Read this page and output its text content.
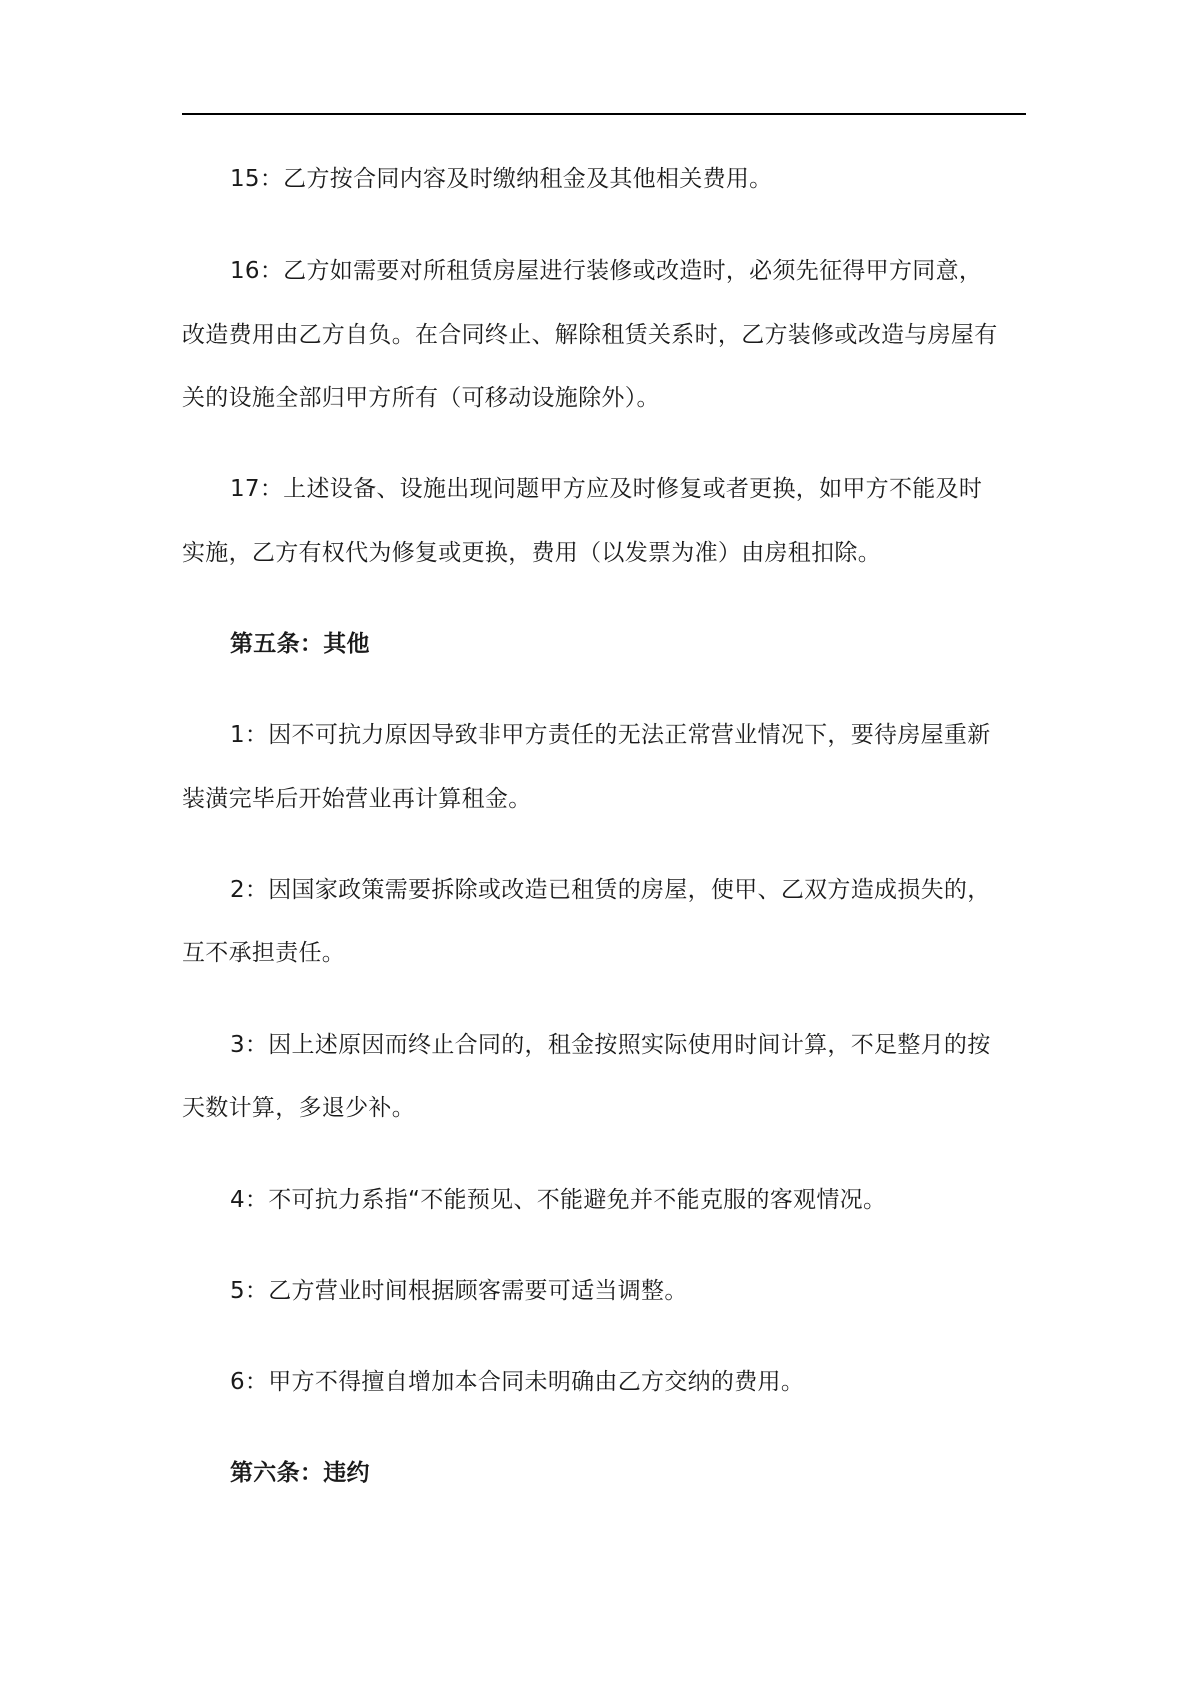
15：乙方按合同内容及时缴纳租金及其他相关费用。

16：乙方如需要对所租赁房屋进行装修或改造时，必须先征得甲方同意，

改造费用由乙方自负。在合同终止、解除租赁关系时，乙方装修或改造与房屋有

关的设施全部归甲方所有（可移动设施除外）。

17：上述设备、设施出现问题甲方应及时修复或者更换，如甲方不能及时

实施，乙方有权代为修复或更换，费用（以发票为准）由房租扣除。

第五条：其他

1：因不可抗力原因导致非甲方责任的无法正常营业情况下，要待房屋重新

装潢完毕后开始营业再计算租金。

2：因国家政策需要拆除或改造已租赁的房屋，使甲、乙双方造成损失的，

互不承担责任。

3：因上述原因而终止合同的，租金按照实际使用时间计算，不足整月的按

天数计算，多退少补。

4：不可抗力系指“不能预见、不能避免并不能克服的客观情况。

5：乙方营业时间根据顾客需要可适当调整。

6：甲方不得擅自增加本合同未明确由乙方交纳的费用。

第六条：违约
